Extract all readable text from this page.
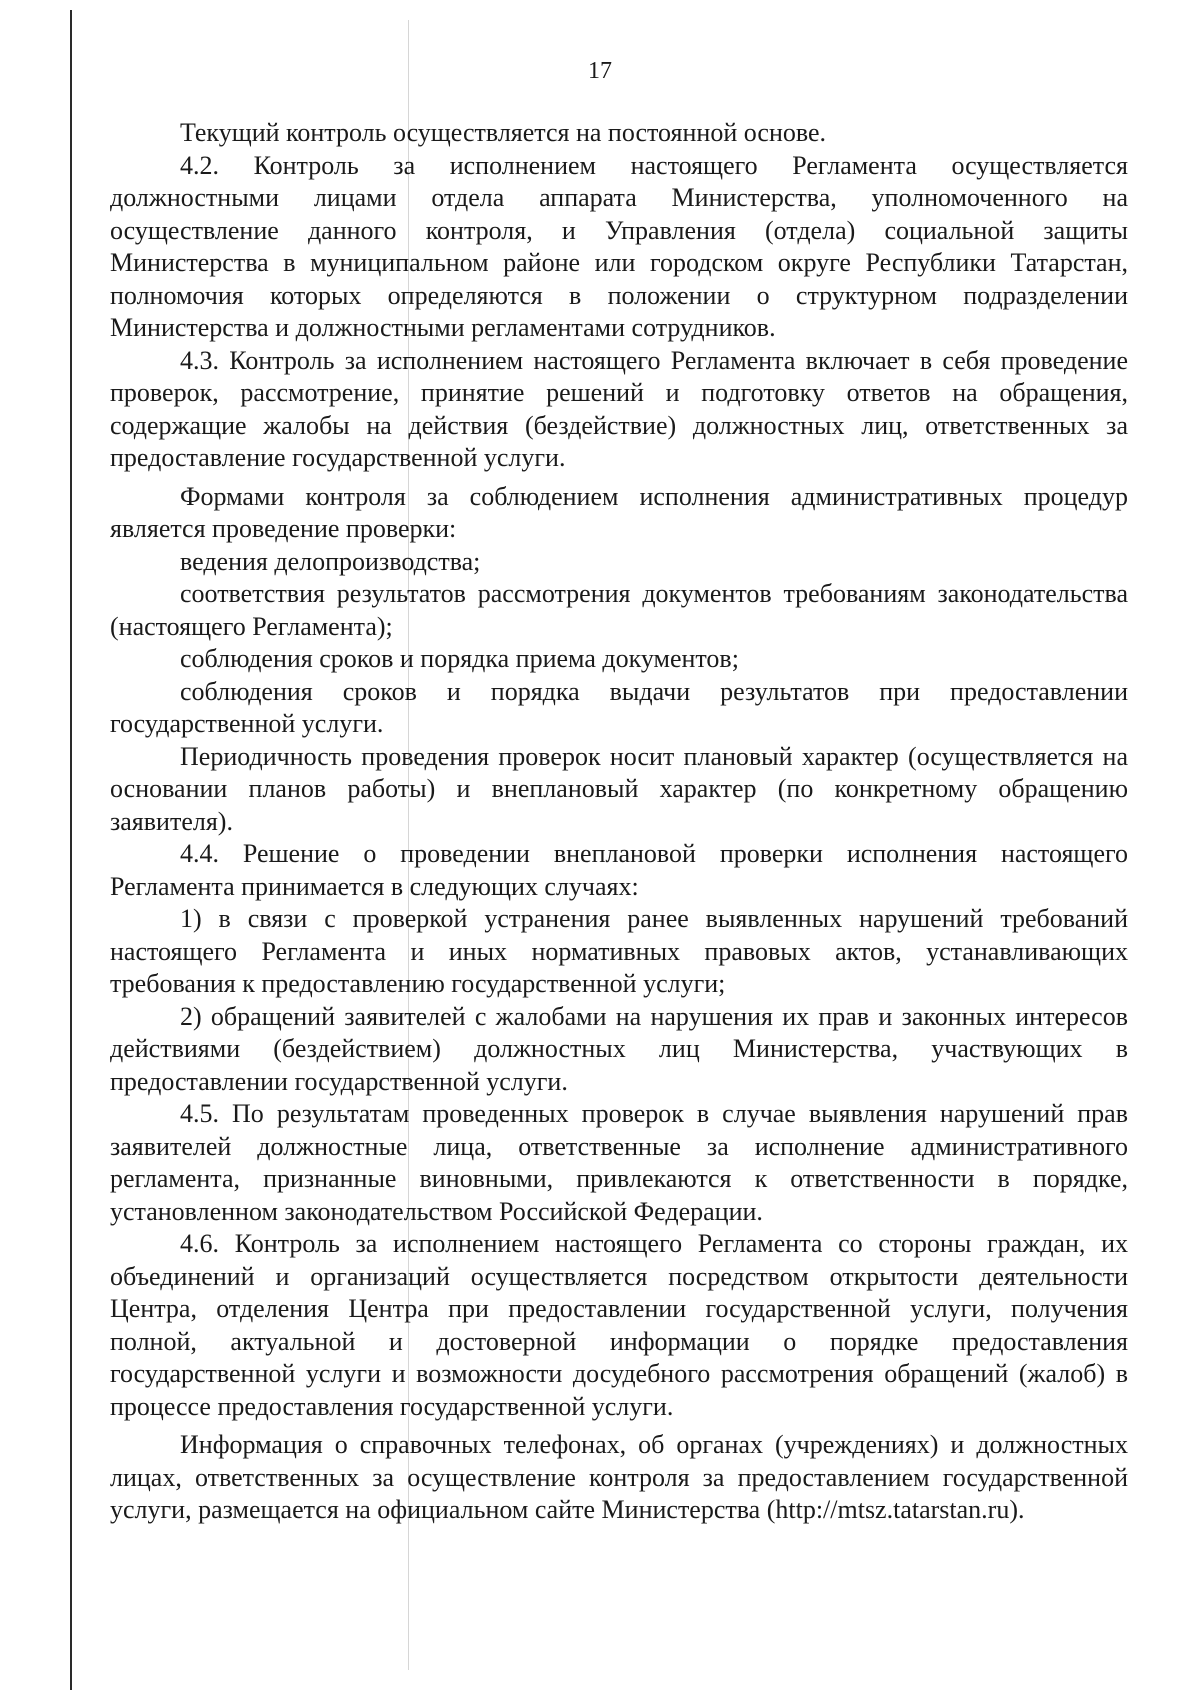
17

Текущий контроль осуществляется на постоянной основе.

4.2. Контроль за исполнением настоящего Регламента осуществляется должностными лицами отдела аппарата Министерства, уполномоченного на осуществление данного контроля, и Управления (отдела) социальной защиты Министерства в муниципальном районе или городском округе Республики Татарстан, полномочия которых определяются в положении о структурном подразделении Министерства и должностными регламентами сотрудников.

4.3. Контроль за исполнением настоящего Регламента включает в себя проведение проверок, рассмотрение, принятие решений и подготовку ответов на обращения, содержащие жалобы на действия (бездействие) должностных лиц, ответственных за предоставление государственной услуги.

Формами контроля за соблюдением исполнения административных процедур является проведение проверки:

ведения делопроизводства;

соответствия результатов рассмотрения документов требованиям законодательства (настоящего Регламента);

соблюдения сроков и порядка приема документов;

соблюдения сроков и порядка выдачи результатов при предоставлении государственной услуги.

Периодичность проведения проверок носит плановый характер (осуществляется на основании планов работы) и внеплановый характер (по конкретному обращению заявителя).

4.4. Решение о проведении внеплановой проверки исполнения настоящего Регламента принимается в следующих случаях:

1) в связи с проверкой устранения ранее выявленных нарушений требований настоящего Регламента и иных нормативных правовых актов, устанавливающих требования к предоставлению государственной услуги;

2) обращений заявителей с жалобами на нарушения их прав и законных интересов действиями (бездействием) должностных лиц Министерства, участвующих в предоставлении государственной услуги.

4.5. По результатам проведенных проверок в случае выявления нарушений прав заявителей должностные лица, ответственные за исполнение административного регламента, признанные виновными, привлекаются к ответственности в порядке, установленном законодательством Российской Федерации.

4.6. Контроль за исполнением настоящего Регламента со стороны граждан, их объединений и организаций осуществляется посредством открытости деятельности Центра, отделения Центра при предоставлении государственной услуги, получения полной, актуальной и достоверной информации о порядке предоставления государственной услуги и возможности досудебного рассмотрения обращений (жалоб) в процессе предоставления государственной услуги.

Информация о справочных телефонах, об органах (учреждениях) и должностных лицах, ответственных за осуществление контроля за предоставлением государственной услуги, размещается на официальном сайте Министерства (http://mtsz.tatarstan.ru).
